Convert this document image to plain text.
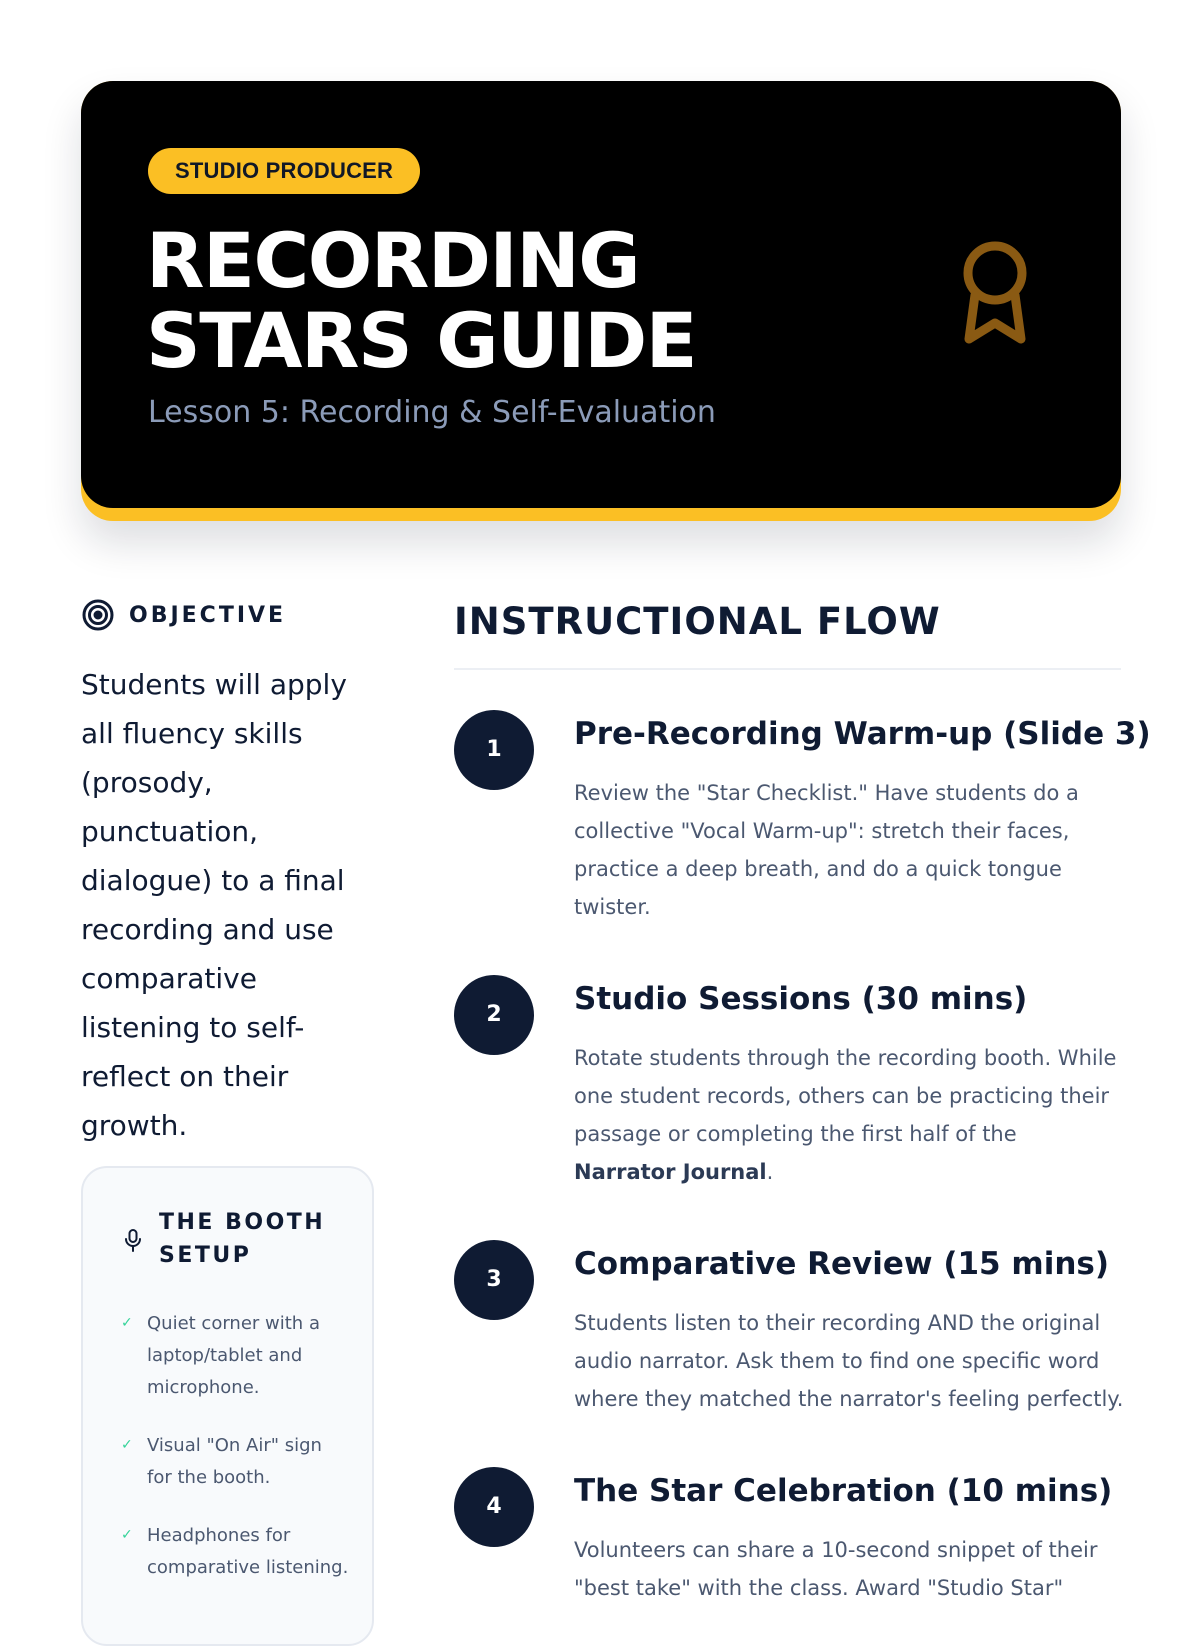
STUDIO PRODUCER
RECORDING
STARS GUIDE
Lesson 5: Recording & Self-Evaluation
OBJECTIVE

Students will apply all fluency skills (prosody, punctuation, dialogue) to a final recording and use comparative listening to self-reflect on their growth.

THE BOOTH SETUP
✓ Quiet corner with a laptop/tablet and microphone.
✓ Visual "On Air" sign for the booth.
✓ Headphones for comparative listening.
INSTRUCTIONAL FLOW
1	Pre-Recording Warm-up (Slide 3)

Review the "Star Checklist." Have students do a collective "Vocal Warm-up": stretch their faces, practice a deep breath, and do a quick tongue twister.

2	Studio Sessions (30 mins)

Rotate students through the recording booth. While one student records, others can be practicing their passage or completing the first half of the Narrator Journal.

3	Comparative Review (15 mins)

Students listen to their recording AND the original audio narrator. Ask them to find one specific word where they matched the narrator's feeling perfectly.

4	The Star Celebration (10 mins)

Volunteers can share a 10-second snippet of their "best take" with the class. Award "Studio Star"
